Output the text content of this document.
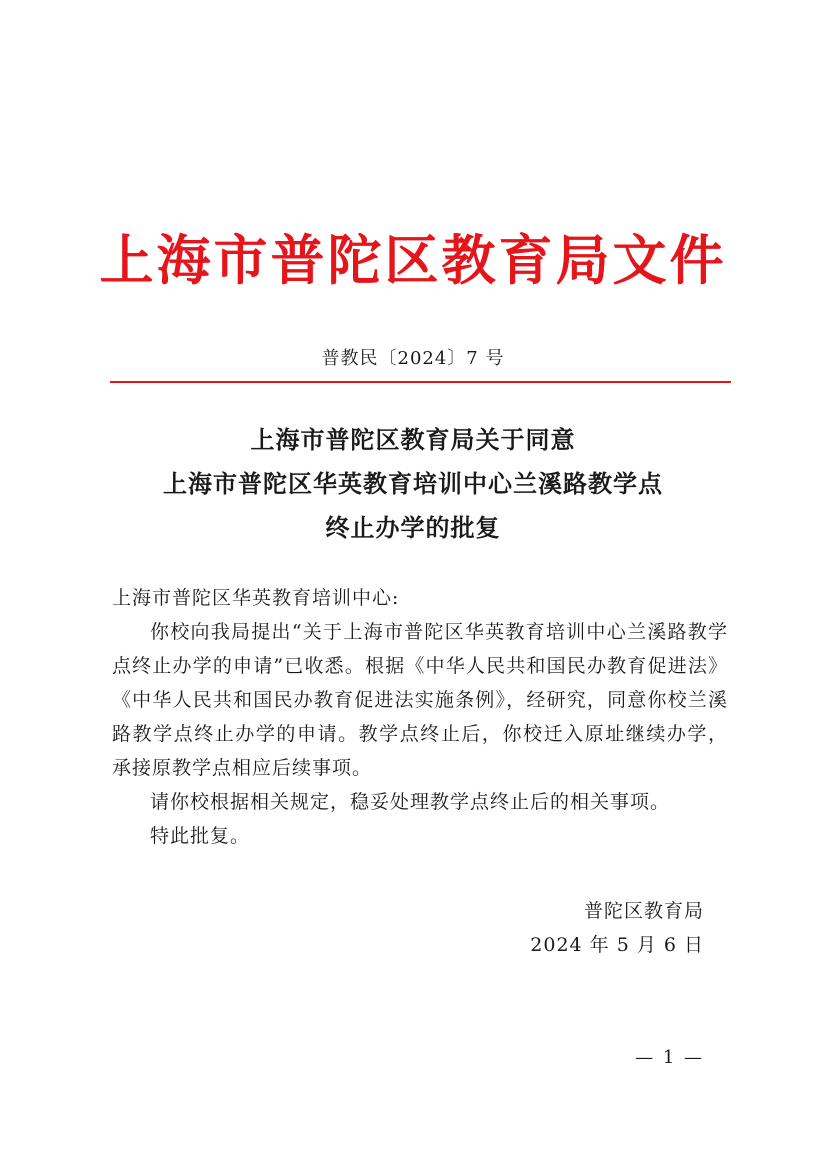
上海市普陀区教育局文件
普教民〔2024〕7 号
上海市普陀区教育局关于同意
上海市普陀区华英教育培训中心兰溪路教学点
终止办学的批复
上海市普陀区华英教育培训中心:
你校向我局提出“关于上海市普陀区华英教育培训中心兰溪路教学点终止办学的申请”已收悉。根据《中华人民共和国民办教育促进法》《中华人民共和国民办教育促进法实施条例》，经研究，同意你校兰溪路教学点终止办学的申请。教学点终止后，你校迁入原址继续办学，承接原教学点相应后续事项。
请你校根据相关规定，稳妥处理教学点终止后的相关事项。
特此批复。
普陀区教育局
2024 年 5 月 6 日
— 1 —
